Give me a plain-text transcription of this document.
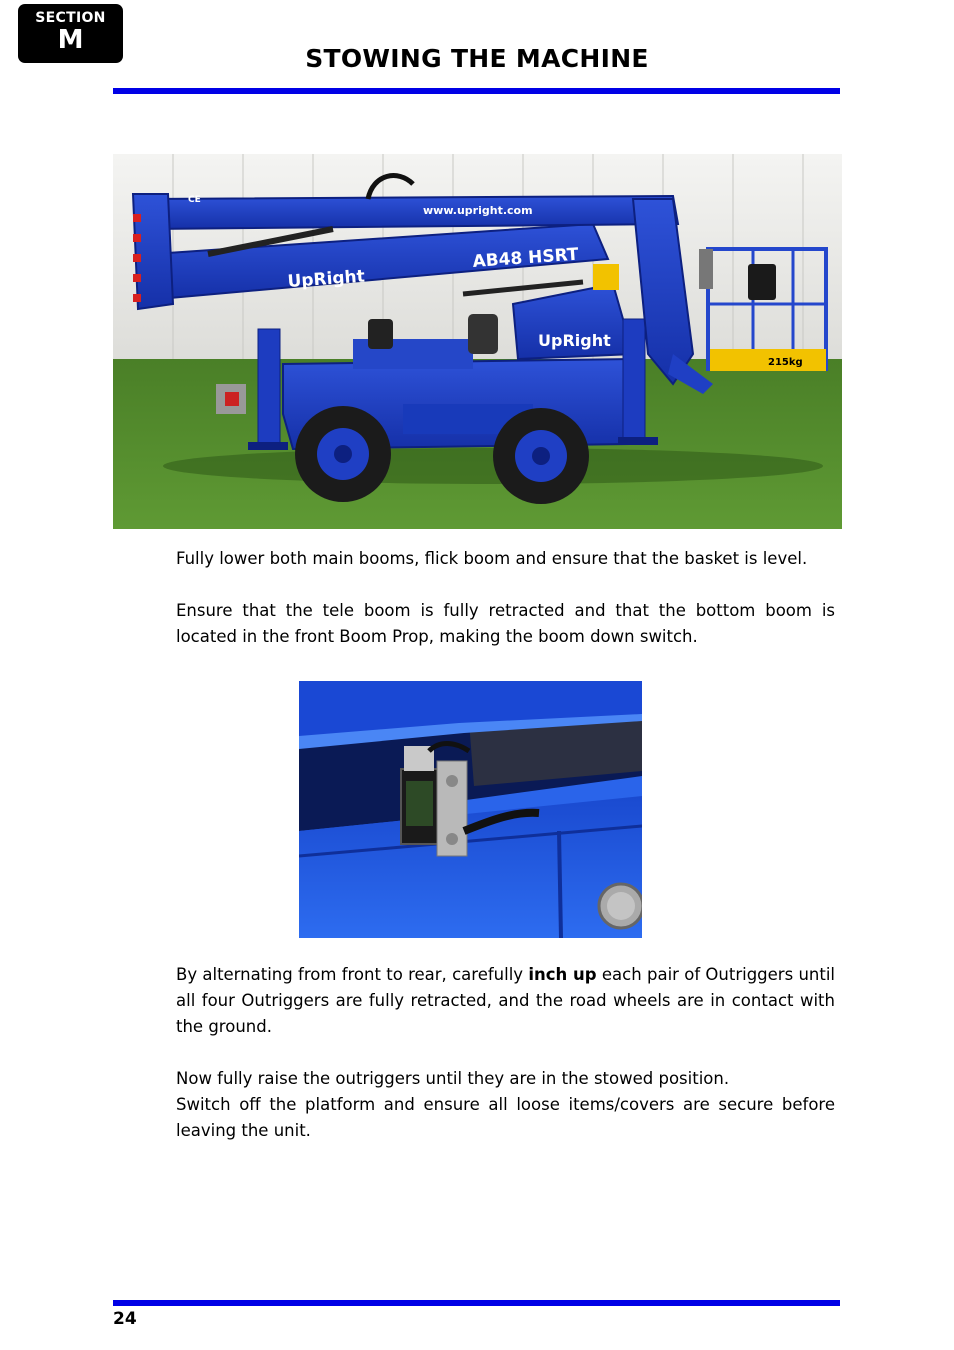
SECTION
M
STOWING THE MACHINE
UpRight
UpRight
AB48 HSRT
www.upright.com
CE
215kg
Fully lower both main booms, flick boom and ensure that the basket is level.
Ensure that the tele boom is fully retracted and that the bottom boom is located in the front Boom Prop, making the boom down switch.
By alternating from front to rear, carefully inch up each pair of Outriggers until all four Outriggers are fully retracted, and the road wheels are in contact with the ground.
Now fully raise the outriggers until they are in the stowed position.
Switch off the platform and ensure all loose items/covers are secure before leaving the unit.
24
